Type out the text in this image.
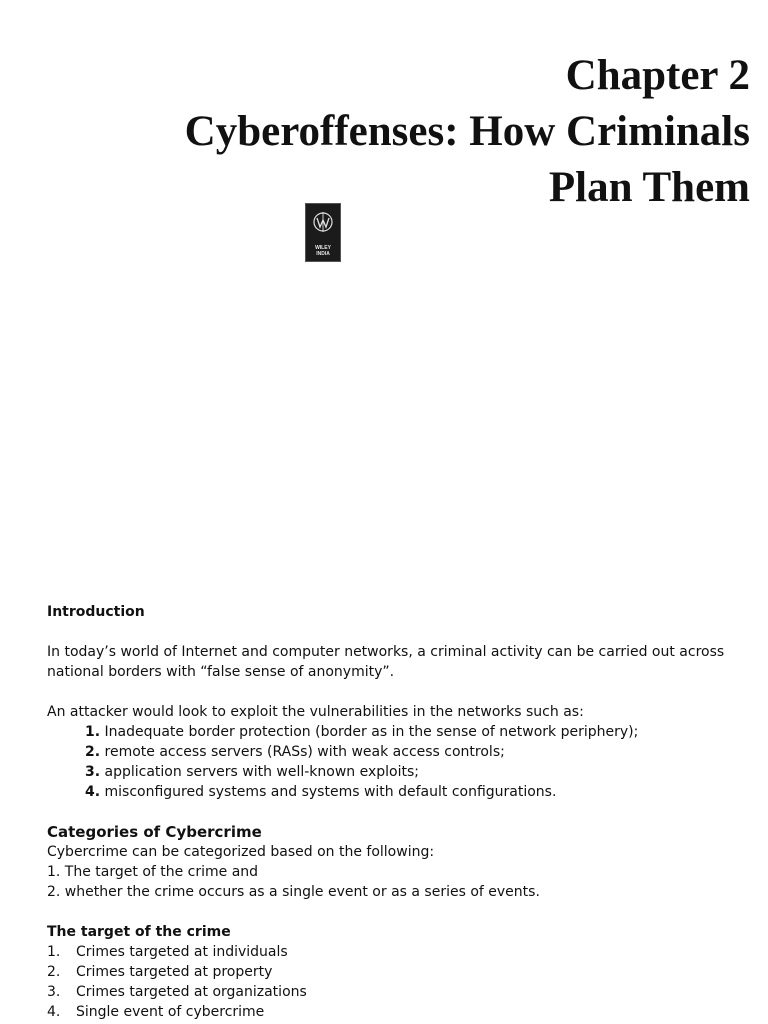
Chapter 2
Cyberoffenses: How Criminals
Plan Them
WILEY
INDIA

Introduction

In today’s world of Internet and computer networks, a criminal activity can be carried out across national borders with “false sense of anonymity”.

An attacker would look to exploit the vulnerabilities in the networks such as:

1. Inadequate border protection (border as in the sense of network periphery);
2. remote access servers (RASs) with weak access controls;
3. application servers with well-known exploits;
4. misconfigured systems and systems with default configurations.

Categories of Cybercrime

Cybercrime can be categorized based on the following:

1. The target of the crime and
2. whether the crime occurs as a single event or as a series of events.

The target of the crime

1.	Crimes targeted at individuals
2.	Crimes targeted at property
3.	Crimes targeted at organizations
4.	Single event of cybercrime
